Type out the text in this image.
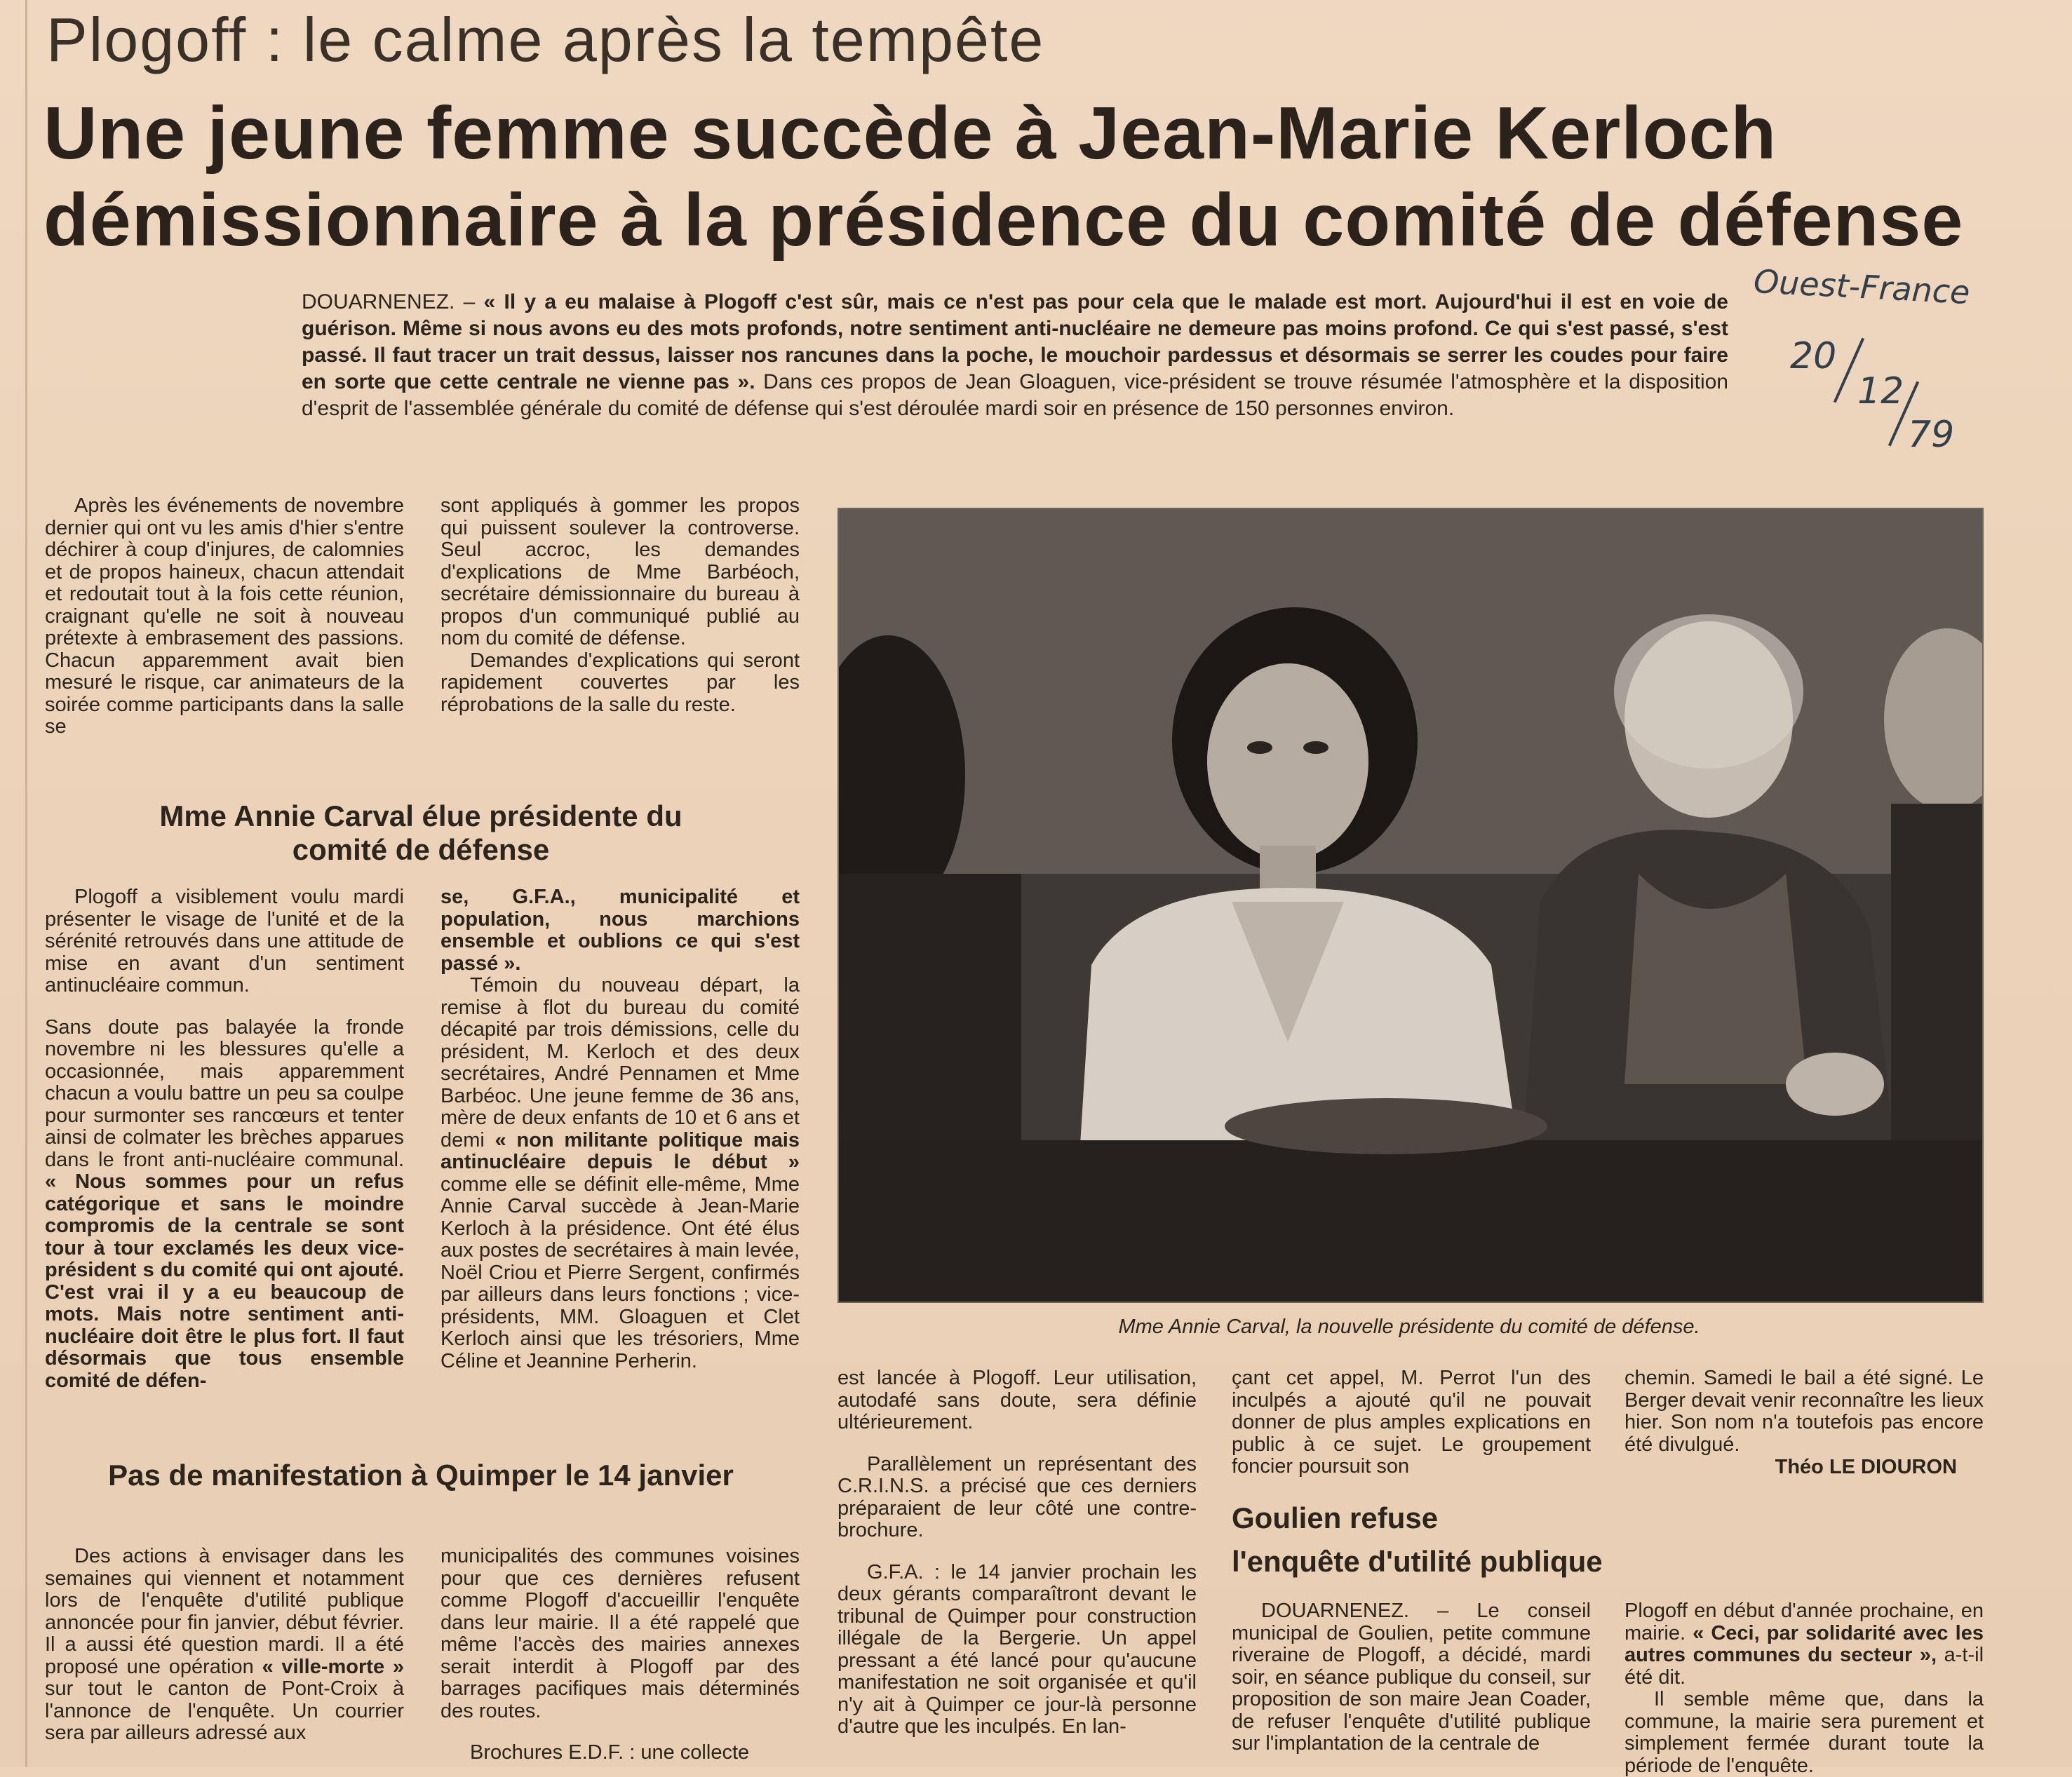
Plogoff : le calme après la tempête
Une jeune femme succède à Jean-Marie Kerloch
démissionnaire à la présidence du comité de défense
Ouest-France
20
12
79
DOUARNENEZ. – « Il y a eu malaise à Plogoff c'est sûr, mais ce n'est pas pour cela que le malade est mort. Aujourd'hui il est en voie de guérison. Même si nous avons eu des mots profonds, notre sentiment anti-nucléaire ne demeure pas moins profond. Ce qui s'est passé, s'est passé. Il faut tracer un trait dessus, laisser nos rancunes dans la poche, le mouchoir pardessus et désormais se serrer les coudes pour faire en sorte que cette centrale ne vienne pas ». Dans ces propos de Jean Gloaguen, vice-président se trouve résumée l'atmosphère et la disposition d'esprit de l'assemblée générale du comité de défense qui s'est déroulée mardi soir en présence de 150 personnes environ.

Après les événements de novembre dernier qui ont vu les amis d'hier s'entre déchirer à coup d'injures, de calomnies et de propos haineux, chacun attendait et redoutait tout à la fois cette réunion, craignant qu'elle ne soit à nouveau prétexte à embrasement des passions. Chacun apparemment avait bien mesuré le risque, car animateurs de la soirée comme participants dans la salle se

sont appliqués à gommer les propos qui puissent soulever la controverse. Seul accroc, les demandes d'explications de Mme Barbéoch, secrétaire démissionnaire du bureau à propos d'un communiqué publié au nom du comité de défense.

Demandes d'explications qui seront rapidement couvertes par les réprobations de la salle du reste.

Mme Annie Carval élue présidente du comité de défense

Plogoff a visiblement voulu mardi présenter le visage de l'unité et de la sérénité retrouvés dans une attitude de mise en avant d'un sentiment antinucléaire commun.

Sans doute pas balayée la fronde novembre ni les blessures qu'elle a occasionnée, mais apparemment chacun a voulu battre un peu sa coulpe pour surmonter ses rancœurs et tenter ainsi de colmater les brèches apparues dans le front anti-nucléaire communal. « Nous sommes pour un refus catégorique et sans le moindre compromis de la centrale se sont tour à tour exclamés les deux vice-président s du comité qui ont ajouté. C'est vrai il y a eu beaucoup de mots. Mais notre sentiment anti-nucléaire doit être le plus fort. Il faut désormais que tous ensemble comité de défen-

se, G.F.A., municipalité et population, nous marchions ensemble et oublions ce qui s'est passé ».

Témoin du nouveau départ, la remise à flot du bureau du comité décapité par trois démissions, celle du président, M. Kerloch et des deux secrétaires, André Pennamen et Mme Barbéoc. Une jeune femme de 36 ans, mère de deux enfants de 10 et 6 ans et demi « non militante politique mais antinucléaire depuis le début » comme elle se définit elle-même, Mme Annie Carval succède à Jean-Marie Kerloch à la présidence. Ont été élus aux postes de secrétaires à main levée, Noël Criou et Pierre Sergent, confirmés par ailleurs dans leurs fonctions ; vice-présidents, MM. Gloaguen et Clet Kerloch ainsi que les trésoriers, Mme Céline et Jeannine Perherin.

Mme Annie Carval, la nouvelle présidente du comité de défense.

est lancée à Plogoff. Leur utilisation, autodafé sans doute, sera définie ultérieurement.

Parallèlement un représentant des C.R.I.N.S. a précisé que ces derniers préparaient de leur côté une contre-brochure.

G.F.A. : le 14 janvier prochain les deux gérants comparaîtront devant le tribunal de Quimper pour construction illégale de la Bergerie. Un appel pressant a été lancé pour qu'aucune manifestation ne soit organisée et qu'il n'y ait à Quimper ce jour-là personne d'autre que les inculpés. En lan-

çant cet appel, M. Perrot l'un des inculpés a ajouté qu'il ne pouvait donner de plus amples explications en public à ce sujet. Le groupement foncier poursuit son

chemin. Samedi le bail a été signé. Le Berger devait venir reconnaître les lieux hier. Son nom n'a toutefois pas encore été divulgué.

Théo LE DIOURON
Goulien refuse
l'enquête d'utilité publique
Pas de manifestation à Quimper le 14 janvier

Des actions à envisager dans les semaines qui viennent et notamment lors de l'enquête d'utilité publique annoncée pour fin janvier, début février. Il a aussi été question mardi. Il a été proposé une opération « ville-morte » sur tout le canton de Pont-Croix à l'annonce de l'enquête. Un courrier sera par ailleurs adressé aux

municipalités des communes voisines pour que ces dernières refusent comme Plogoff d'accueillir l'enquête dans leur mairie. Il a été rappelé que même l'accès des mairies annexes serait interdit à Plogoff par des barrages pacifiques mais déterminés des routes.

Brochures E.D.F. : une collecte

DOUARNENEZ. – Le conseil municipal de Goulien, petite commune riveraine de Plogoff, a décidé, mardi soir, en séance publique du conseil, sur proposition de son maire Jean Coader, de refuser l'enquête d'utilité publique sur l'implantation de la centrale de

Plogoff en début d'année prochaine, en mairie. « Ceci, par solidarité avec les autres communes du secteur », a-t-il été dit.

Il semble même que, dans la commune, la mairie sera purement et simplement fermée durant toute la période de l'enquête.
